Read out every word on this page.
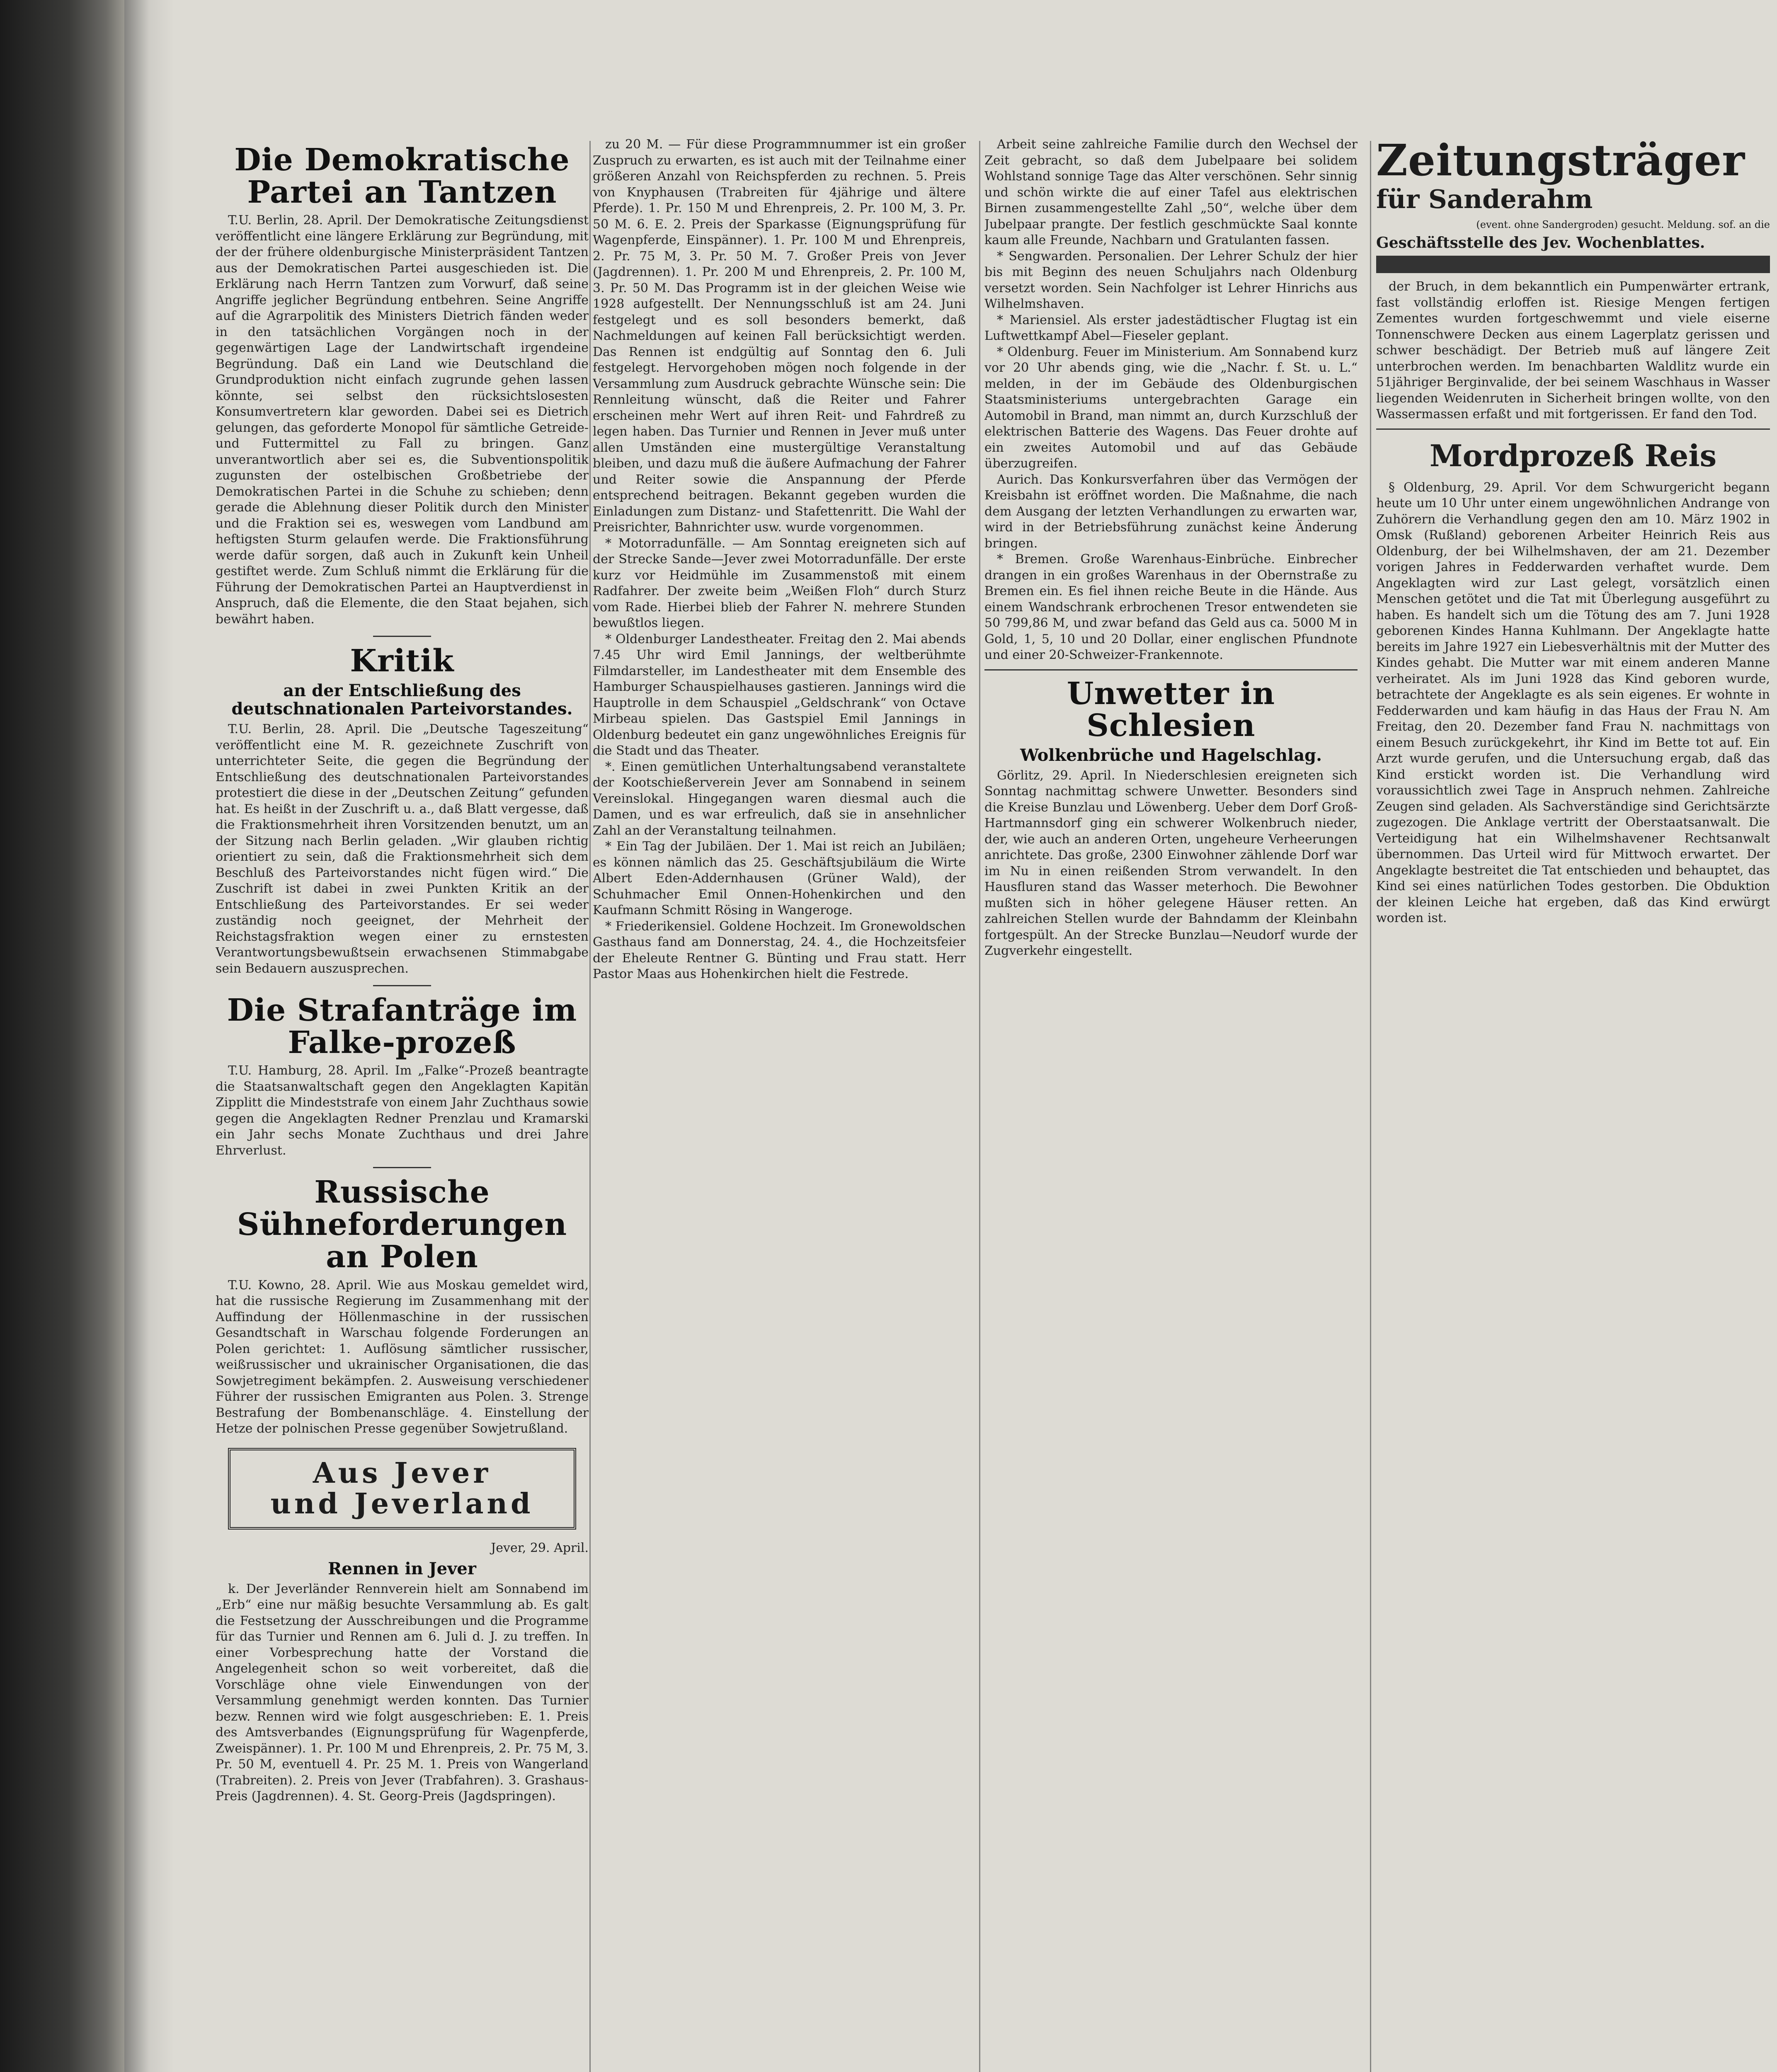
Die Demokratische Partei an Tantzen

T.U. Berlin, 28. April. Der Demokratische Zeitungsdienst veröffentlicht eine längere Erklärung zur Begründung, mit der der frühere oldenburgische Ministerpräsident Tantzen aus der Demokratischen Partei ausgeschieden ist. Die Erklärung nach Herrn Tantzen zum Vorwurf, daß seine Angriffe jeglicher Begründung entbehren. Seine Angriffe auf die Agrarpolitik des Ministers Dietrich fänden weder in den tatsächlichen Vorgängen noch in der gegenwärtigen Lage der Landwirtschaft irgendeine Begründung. Daß ein Land wie Deutschland die Grundproduktion nicht einfach zugrunde gehen lassen könnte, sei selbst den rücksichtslosesten Konsumvertretern klar geworden. Dabei sei es Dietrich gelungen, das geforderte Monopol für sämtliche Getreide- und Futtermittel zu Fall zu bringen. Ganz unverantwortlich aber sei es, die Subventionspolitik zugunsten der ostelbischen Großbetriebe der Demokratischen Partei in die Schuhe zu schieben; denn gerade die Ablehnung dieser Politik durch den Minister und die Fraktion sei es, weswegen vom Landbund am heftigsten Sturm gelaufen werde. Die Fraktionsführung werde dafür sorgen, daß auch in Zukunft kein Unheil gestiftet werde. Zum Schluß nimmt die Erklärung für die Führung der Demokratischen Partei an Hauptverdienst in Anspruch, daß die Elemente, die den Staat bejahen, sich bewährt haben.

Kritik
an der Entschließung des deutschnationalen Parteivorstandes.

T.U. Berlin, 28. April. Die „Deutsche Tageszeitung“ veröffentlicht eine M. R. gezeichnete Zuschrift von unterrichteter Seite, die gegen die Begründung der Entschließung des deutschnationalen Parteivorstandes protestiert die diese in der „Deutschen Zeitung“ gefunden hat. Es heißt in der Zuschrift u. a., daß Blatt vergesse, daß die Fraktionsmehrheit ihren Vorsitzenden benutzt, um an der Sitzung nach Berlin geladen. „Wir glauben richtig orientiert zu sein, daß die Fraktionsmehrheit sich dem Beschluß des Parteivorstandes nicht fügen wird.“ Die Zuschrift ist dabei in zwei Punkten Kritik an der Entschließung des Parteivorstandes. Er sei weder zuständig noch geeignet, der Mehrheit der Reichstagsfraktion wegen einer zu ernstesten Verantwortungsbewußtsein erwachsenen Stimmabgabe sein Bedauern auszusprechen.

Die Strafanträge im Falke-prozeß

T.U. Hamburg, 28. April. Im „Falke“-Prozeß beantragte die Staatsanwaltschaft gegen den Angeklagten Kapitän Zipplitt die Mindeststrafe von einem Jahr Zuchthaus sowie gegen die Angeklagten Redner Prenzlau und Kramarski ein Jahr sechs Monate Zuchthaus und drei Jahre Ehrverlust.

Russische Sühneforderungen an Polen

T.U. Kowno, 28. April. Wie aus Moskau gemeldet wird, hat die russische Regierung im Zusammenhang mit der Auffindung der Höllenmaschine in der russischen Gesandtschaft in Warschau folgende Forderungen an Polen gerichtet: 1. Auflösung sämtlicher russischer, weißrussischer und ukrainischer Organisationen, die das Sowjetregiment bekämpfen. 2. Ausweisung verschiedener Führer der russischen Emigranten aus Polen. 3. Strenge Bestrafung der Bombenanschläge. 4. Einstellung der Hetze der polnischen Presse gegenüber Sowjetrußland.

Aus Jever
und Jeverland

Jever, 29. April.

Rennen in Jever

k. Der Jeverländer Rennverein hielt am Sonnabend im „Erb“ eine nur mäßig besuchte Versammlung ab. Es galt die Festsetzung der Ausschreibungen und die Programme für das Turnier und Rennen am 6. Juli d. J. zu treffen. In einer Vorbesprechung hatte der Vorstand die Angelegenheit schon so weit vorbereitet, daß die Vorschläge ohne viele Einwendungen von der Versammlung genehmigt werden konnten. Das Turnier bezw. Rennen wird wie folgt ausgeschrieben: E. 1. Preis des Amtsverbandes (Eignungsprüfung für Wagenpferde, Zweispänner). 1. Pr. 100 M und Ehrenpreis, 2. Pr. 75 M, 3. Pr. 50 M, eventuell 4. Pr. 25 M. 1. Preis von Wangerland (Trabreiten). 2. Preis von Jever (Trabfahren). 3. Grashaus-Preis (Jagdrennen). 4. St. Georg-Preis (Jagdspringen).

zu 20 M. — Für diese Programmnummer ist ein großer Zuspruch zu erwarten, es ist auch mit der Teilnahme einer größeren Anzahl von Reichspferden zu rechnen. 5. Preis von Knyphausen (Trabreiten für 4jährige und ältere Pferde). 1. Pr. 150 M und Ehrenpreis, 2. Pr. 100 M, 3. Pr. 50 M. 6. E. 2. Preis der Sparkasse (Eignungsprüfung für Wagenpferde, Einspänner). 1. Pr. 100 M und Ehrenpreis, 2. Pr. 75 M, 3. Pr. 50 M. 7. Großer Preis von Jever (Jagdrennen). 1. Pr. 200 M und Ehrenpreis, 2. Pr. 100 M, 3. Pr. 50 M. Das Programm ist in der gleichen Weise wie 1928 aufgestellt. Der Nennungsschluß ist am 24. Juni festgelegt und es soll besonders bemerkt, daß Nachmeldungen auf keinen Fall berücksichtigt werden. Das Rennen ist endgültig auf Sonntag den 6. Juli festgelegt. Hervorgehoben mögen noch folgende in der Versammlung zum Ausdruck gebrachte Wünsche sein: Die Rennleitung wünscht, daß die Reiter und Fahrer erscheinen mehr Wert auf ihren Reit- und Fahrdreß zu legen haben. Das Turnier und Rennen in Jever muß unter allen Umständen eine mustergültige Veranstaltung bleiben, und dazu muß die äußere Aufmachung der Fahrer und Reiter sowie die Anspannung der Pferde entsprechend beitragen. Bekannt gegeben wurden die Einladungen zum Distanz- und Stafettenritt. Die Wahl der Preisrichter, Bahnrichter usw. wurde vorgenommen.

* Motorradunfälle. — Am Sonntag ereigneten sich auf der Strecke Sande—Jever zwei Motorradunfälle. Der erste kurz vor Heidmühle im Zusammenstoß mit einem Radfahrer. Der zweite beim „Weißen Floh“ durch Sturz vom Rade. Hierbei blieb der Fahrer N. mehrere Stunden bewußtlos liegen.

* Oldenburger Landestheater. Freitag den 2. Mai abends 7.45 Uhr wird Emil Jannings, der weltberühmte Filmdarsteller, im Landestheater mit dem Ensemble des Hamburger Schauspielhauses gastieren. Jannings wird die Hauptrolle in dem Schauspiel „Geldschrank“ von Octave Mirbeau spielen. Das Gastspiel Emil Jannings in Oldenburg bedeutet ein ganz ungewöhnliches Ereignis für die Stadt und das Theater.

*. Einen gemütlichen Unterhaltungsabend veranstaltete der Kootschießerverein Jever am Sonnabend in seinem Vereinslokal. Hingegangen waren diesmal auch die Damen, und es war erfreulich, daß sie in ansehnlicher Zahl an der Veranstaltung teilnahmen.

* Ein Tag der Jubiläen. Der 1. Mai ist reich an Jubiläen; es können nämlich das 25. Geschäftsjubiläum die Wirte Albert Eden-Addernhausen (Grüner Wald), der Schuhmacher Emil Onnen-Hohenkirchen und den Kaufmann Schmitt Rösing in Wangeroge.

* Friederikensiel. Goldene Hochzeit. Im Gronewoldschen Gasthaus fand am Donnerstag, 24. 4., die Hochzeitsfeier der Eheleute Rentner G. Bünting und Frau statt. Herr Pastor Maas aus Hohenkirchen hielt die Festrede.

Arbeit seine zahlreiche Familie durch den Wechsel der Zeit gebracht, so daß dem Jubelpaare bei solidem Wohlstand sonnige Tage das Alter verschönen. Sehr sinnig und schön wirkte die auf einer Tafel aus elektrischen Birnen zusammengestellte Zahl „50“, welche über dem Jubelpaar prangte. Der festlich geschmückte Saal konnte kaum alle Freunde, Nachbarn und Gratulanten fassen.

* Sengwarden. Personalien. Der Lehrer Schulz der hier bis mit Beginn des neuen Schuljahrs nach Oldenburg versetzt worden. Sein Nachfolger ist Lehrer Hinrichs aus Wilhelmshaven.

* Mariensiel. Als erster jadestädtischer Flugtag ist ein Luftwettkampf Abel—Fieseler geplant.

* Oldenburg. Feuer im Ministerium. Am Sonnabend kurz vor 20 Uhr abends ging, wie die „Nachr. f. St. u. L.“ melden, in der im Gebäude des Oldenburgischen Staatsministeriums untergebrachten Garage ein Automobil in Brand, man nimmt an, durch Kurzschluß der elektrischen Batterie des Wagens. Das Feuer drohte auf ein zweites Automobil und auf das Gebäude überzugreifen.

Aurich. Das Konkursverfahren über das Vermögen der Kreisbahn ist eröffnet worden. Die Maßnahme, die nach dem Ausgang der letzten Verhandlungen zu erwarten war, wird in der Betriebsführung zunächst keine Änderung bringen.

* Bremen. Große Warenhaus-Einbrüche. Einbrecher drangen in ein großes Warenhaus in der Obernstraße zu Bremen ein. Es fiel ihnen reiche Beute in die Hände. Aus einem Wandschrank erbrochenen Tresor entwendeten sie 50 799,86 M, und zwar befand das Geld aus ca. 5000 M in Gold, 1, 5, 10 und 20 Dollar, einer englischen Pfundnote und einer 20-Schweizer-Frankennote.

Unwetter in Schlesien
Wolkenbrüche und Hagelschlag.

Görlitz, 29. April. In Niederschlesien ereigneten sich Sonntag nachmittag schwere Unwetter. Besonders sind die Kreise Bunzlau und Löwenberg. Ueber dem Dorf Groß-Hartmannsdorf ging ein schwerer Wolkenbruch nieder, der, wie auch an anderen Orten, ungeheure Verheerungen anrichtete. Das große, 2300 Einwohner zählende Dorf war im Nu in einen reißenden Strom verwandelt. In den Hausfluren stand das Wasser meterhoch. Die Bewohner mußten sich in höher gelegene Häuser retten. An zahlreichen Stellen wurde der Bahndamm der Kleinbahn fortgespült. An der Strecke Bunzlau—Neudorf wurde der Zugverkehr eingestellt.

Zeitungsträger

für Sanderahm

(event. ohne Sandergroden) gesucht. Meldung. sof. an die

Geschäftsstelle des Jev. Wochenblattes.

der Bruch, in dem bekanntlich ein Pumpenwärter ertrank, fast vollständig erloffen ist. Riesige Mengen fertigen Zementes wurden fortgeschwemmt und viele eiserne Tonnenschwere Decken aus einem Lagerplatz gerissen und schwer beschädigt. Der Betrieb muß auf längere Zeit unterbrochen werden. Im benachbarten Waldlitz wurde ein 51jähriger Berginvalide, der bei seinem Waschhaus in Wasser liegenden Weidenruten in Sicherheit bringen wollte, von den Wassermassen erfaßt und mit fortgerissen. Er fand den Tod.

Mordprozeß Reis

§ Oldenburg, 29. April. Vor dem Schwurgericht begann heute um 10 Uhr unter einem ungewöhnlichen Andrange von Zuhörern die Verhandlung gegen den am 10. März 1902 in Omsk (Rußland) geborenen Arbeiter Heinrich Reis aus Oldenburg, der bei Wilhelmshaven, der am 21. Dezember vorigen Jahres in Fedderwarden verhaftet wurde. Dem Angeklagten wird zur Last gelegt, vorsätzlich einen Menschen getötet und die Tat mit Überlegung ausgeführt zu haben. Es handelt sich um die Tötung des am 7. Juni 1928 geborenen Kindes Hanna Kuhlmann. Der Angeklagte hatte bereits im Jahre 1927 ein Liebesverhältnis mit der Mutter des Kindes gehabt. Die Mutter war mit einem anderen Manne verheiratet. Als im Juni 1928 das Kind geboren wurde, betrachtete der Angeklagte es als sein eigenes. Er wohnte in Fedderwarden und kam häufig in das Haus der Frau N. Am Freitag, den 20. Dezember fand Frau N. nachmittags von einem Besuch zurückgekehrt, ihr Kind im Bette tot auf. Ein Arzt wurde gerufen, und die Untersuchung ergab, daß das Kind erstickt worden ist. Die Verhandlung wird voraussichtlich zwei Tage in Anspruch nehmen. Zahlreiche Zeugen sind geladen. Als Sachverständige sind Gerichtsärzte zugezogen. Die Anklage vertritt der Oberstaatsanwalt. Die Verteidigung hat ein Wilhelmshavener Rechtsanwalt übernommen. Das Urteil wird für Mittwoch erwartet. Der Angeklagte bestreitet die Tat entschieden und behauptet, das Kind sei eines natürlichen Todes gestorben. Die Obduktion der kleinen Leiche hat ergeben, daß das Kind erwürgt worden ist.
